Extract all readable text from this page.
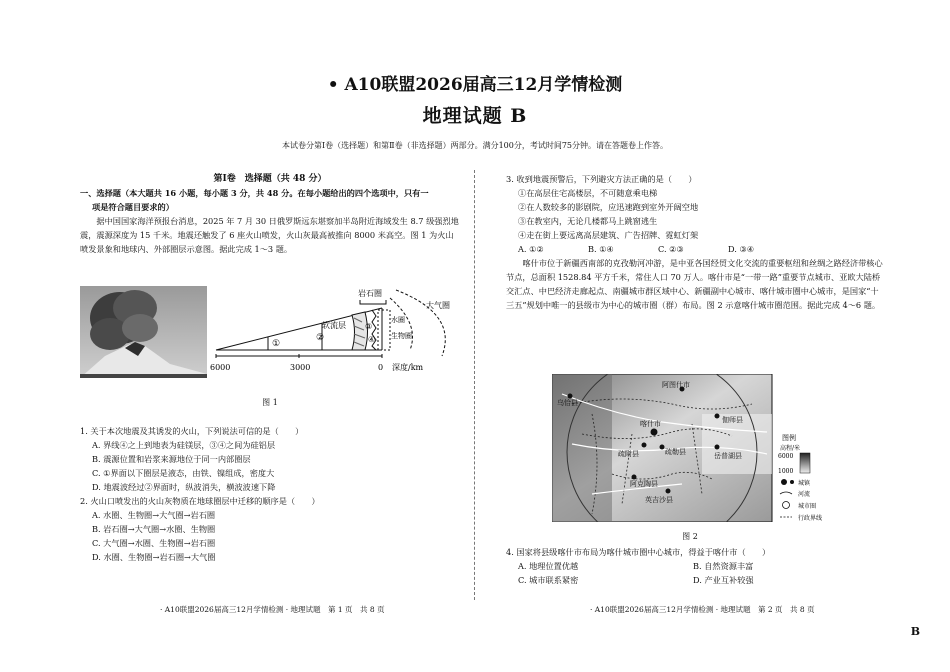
• A10联盟2026届高三12月学情检测
地理试题 B
本试卷分第Ⅰ卷（选择题）和第Ⅱ卷（非选择题）两部分。满分100分，考试时间75分钟。请在答题卷上作答。

第Ⅰ卷　选择题（共 48 分）

一、选择题（本大题共 16 小题，每小题 3 分，共 48 分。在每小题给出的四个选项中，只有一

项是符合题目要求的）

据中国国家海洋预报台消息，2025 年 7 月 30 日俄罗斯远东堪察加半岛附近海域发生 8.7 级强烈地震，震源深度为 15 千米。地震还触发了 6 座火山喷发，火山灰最高被推向 8000 米高空。图 1 为火山喷发景象和地球内、外部圈层示意图。据此完成 1～3 题。

①
②
③
④
软流层
岩石圈
大气圈
水圈
生物圈
6000	3000	0 深度/km
图 1

1. 关于本次地震及其诱发的火山，下列说法可信的是（　　）

A. 界线④之上到地表为硅镁层，③④之间为硅铝层

B. 震源位置和岩浆来源地位于同一内部圈层

C. ①界面以下圈层是液态，由铁、镍组成，密度大

D. 地震波经过②界面时，纵波消失，横波波速下降

2. 火山口喷发出的火山灰物质在地球圈层中迁移的顺序是（　　）

A. 水圈、生物圈→大气圈→岩石圈

B. 岩石圈→大气圈→水圈、生物圈

C. 大气圈→水圈、生物圈→岩石圈

D. 水圈、生物圈→岩石圈→大气圈

· A10联盟2026届高三12月学情检测 · 地理试题　第 1 页　共 8 页

3. 收到地震预警后，下列避灾方法正确的是（　　）

①在高层住宅高楼层，不可随意乘电梯

②在人数较多的影剧院，应迅速跑到室外开阔空地

③在教室内，无论几楼都马上跳窗逃生

④走在街上要远离高层建筑、广告招牌、霓虹灯架

A. ①②	B. ①④	C. ②③	D. ③④

喀什市位于新疆西南部的克孜勒河冲游，是中亚各国经贸文化交流的重要枢纽和丝绸之路经济带核心节点，总面积 1528.84 平方千米，常住人口 70 万人。喀什市是“一带一路”重要节点城市、亚欧大陆桥交汇点、中巴经济走廊起点、南疆城市群区域中心、新疆副中心城市、喀什城市圈中心城市，是国家“十三五”规划中唯一的县级市为中心的城市圈（群）布局。图 2 示意喀什城市圈范围。据此完成 4～6 题。

乌恰县
阿图什市
喀什市	伽师县
疏附县	疏勒县	岳普湖县
阿克陶县
英吉沙县
图例
高程/米
6000
1000
城镇
河流
城市圈
行政界线
图 2

4. 国家将县级喀什市布局为喀什城市圈中心城市，得益于喀什市（　　）

A. 地理位置优越	B. 自然资源丰富
C. 城市联系紧密	D. 产业互补较强
· A10联盟2026届高三12月学情检测 · 地理试题　第 2 页　共 8 页
B
